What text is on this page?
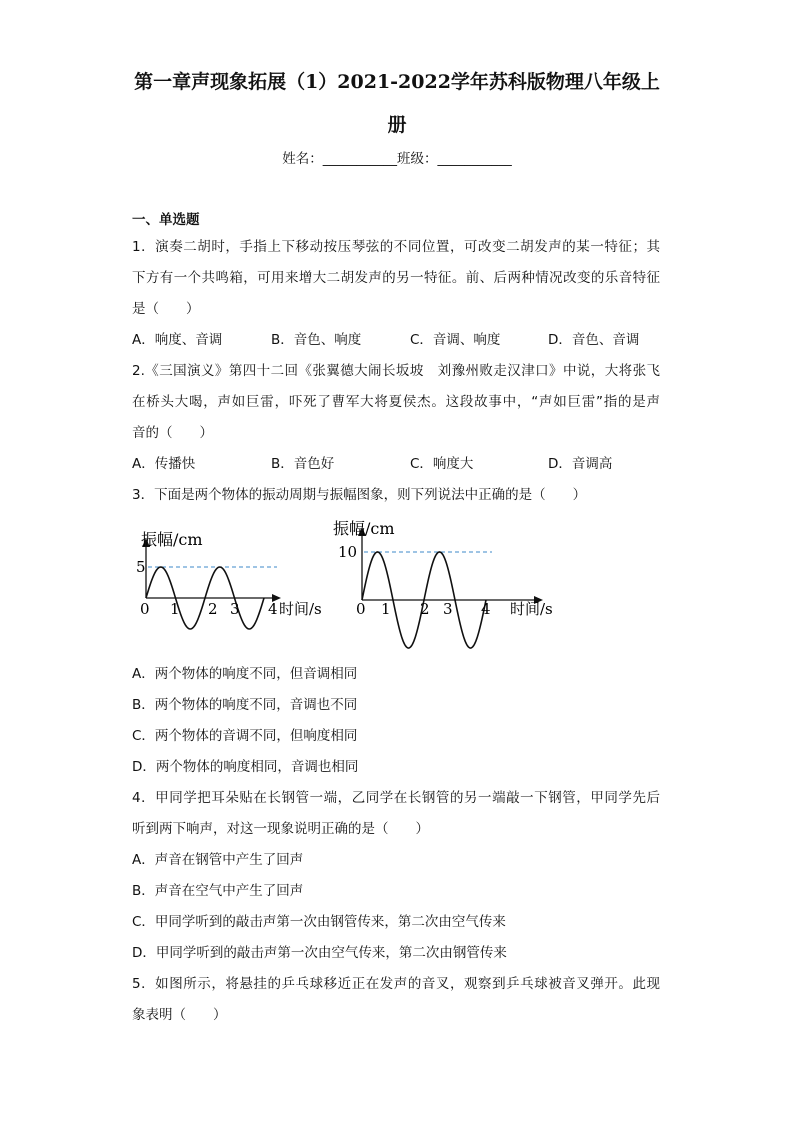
第一章声现象拓展（1）2021-2022学年苏科版物理八年级上
册
姓名：___________班级：___________
一、单选题
1．演奏二胡时，手指上下移动按压琴弦的不同位置，可改变二胡发声的某一特征；其
下方有一个共鸣箱，可用来增大二胡发声的另一特征。前、后两种情况改变的乐音特征
是（　　）
A．响度、音调	B．音色、响度	C．音调、响度	D．音色、音调
2.《三国演义》第四十二回《张翼德大闹长坂坡　刘豫州败走汉津口》中说，大将张飞
在桥头大喝，声如巨雷，吓死了曹军大将夏侯杰。这段故事中，“声如巨雷”指的是声
音的（　　）
A．传播快	B．音色好	C．响度大	D．音调高
3．下面是两个物体的振动周期与振幅图象，则下列说法中正确的是（　　）
振幅/cm
5
0 1 2 3 4 时间/s
振幅/cm
10
0 1 2 3 4 时间/s
A．两个物体的响度不同，但音调相同
B．两个物体的响度不同，音调也不同
C．两个物体的音调不同，但响度相同
D．两个物体的响度相同，音调也相同
4．甲同学把耳朵贴在长钢管一端，乙同学在长钢管的另一端敲一下钢管，甲同学先后
听到两下响声，对这一现象说明正确的是（　　）
A．声音在钢管中产生了回声
B．声音在空气中产生了回声
C．甲同学听到的敲击声第一次由钢管传来，第二次由空气传来
D．甲同学听到的敲击声第一次由空气传来，第二次由钢管传来
5．如图所示，将悬挂的乒乓球移近正在发声的音叉，观察到乒乓球被音叉弹开。此现
象表明（　　）
